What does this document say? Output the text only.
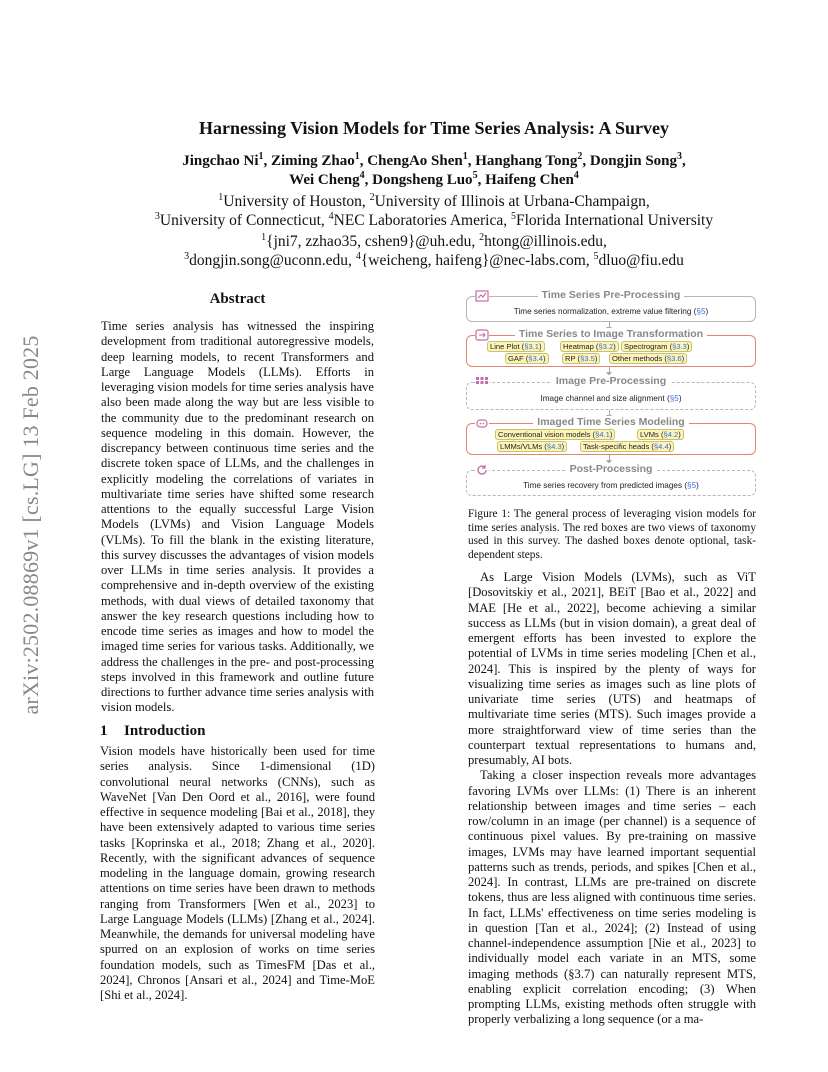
arXiv:2502.08869v1 [cs.LG] 13 Feb 2025
Harnessing Vision Models for Time Series Analysis: A Survey
Jingchao Ni$^1$, Ziming Zhao$^1$, ChengAo Shen$^1$, Hanghang Tong$^2$, Dongjin Song$^3$,
Wei Cheng$^4$, Dongsheng Luo$^5$, Haifeng Chen$^4$

$^1$University of Houston, $^2$University of Illinois at Urbana-Champaign,

$^3$University of Connecticut, $^4$NEC Laboratories America, $^5$Florida International University

$^1${jni7, zzhao35, cshen9}@uh.edu, $^2$htong@illinois.edu,

$^3$dongjin.song@uconn.edu, $^4${weicheng, haifeng}@nec-labs.com, $^5$dluo@fiu.edu

Abstract
Time series analysis has witnessed the inspiring development from traditional autoregressive models, deep learning models, to recent Transformers and Large Language Models (LLMs). Efforts in leveraging vision models for time series analysis have also been made along the way but are less visible to the community due to the predominant research on sequence modeling in this domain. However, the discrepancy between continuous time series and the discrete token space of LLMs, and the challenges in explicitly modeling the correlations of variates in multivariate time series have shifted some research attentions to the equally successful Large Vision Models (LVMs) and Vision Language Models (VLMs). To fill the blank in the existing literature, this survey discusses the advantages of vision models over LLMs in time series analysis. It provides a comprehensive and in-depth overview of the existing methods, with dual views of detailed taxonomy that answer the key research questions including how to encode time series as images and how to model the imaged time series for various tasks. Additionally, we address the challenges in the pre- and post-processing steps involved in this framework and outline future directions to further advance time series analysis with vision models.
1 Introduction

Vision models have historically been used for time series analysis. Since 1-dimensional (1D) convolutional neural networks (CNNs), such as WaveNet [Van Den Oord et al., 2016], were found effective in sequence modeling [Bai et al., 2018], they have been extensively adapted to various time series tasks [Koprinska et al., 2018; Zhang et al., 2020]. Recently, with the significant advances of sequence modeling in the language domain, growing research attentions on time series have been drawn to methods ranging from Transformers [Wen et al., 2023] to Large Language Models (LLMs) [Zhang et al., 2024]. Meanwhile, the demands for universal modeling have spurred on an explosion of works on time series foundation models, such as TimesFM [Das et al., 2024], Chronos [Ansari et al., 2024] and Time-MoE [Shi et al., 2024].

Time Series Pre-Processing
Time series normalization, extreme value filtering (§5)
Time Series to Image Transformation
Line Plot (§3.1)	Heatmap (§3.2)	Spectrogram (§3.3)
GAF (§3.4)	RP (§3.5)	Other methods (§3.6)
Image Pre-Processing
Image channel and size alignment (§5)
Imaged Time Series Modeling
Conventional vision models (§4.1)	LVMs (§4.2)
LMMs/VLMs (§4.3)	Task-specific heads (§4.4)
Post-Processing
Time series recovery from predicted images (§5)
Figure 1: The general process of leveraging vision models for time series analysis. The red boxes are two views of taxonomy used in this survey. The dashed boxes denote optional, task-dependent steps.

As Large Vision Models (LVMs), such as ViT [Dosovitskiy et al., 2021], BEiT [Bao et al., 2022] and MAE [He et al., 2022], become achieving a similar success as LLMs (but in vision domain), a great deal of emergent efforts has been invested to explore the potential of LVMs in time series modeling [Chen et al., 2024]. This is inspired by the plenty of ways for visualizing time series as images such as line plots of univariate time series (UTS) and heatmaps of multivariate time series (MTS). Such images provide a more straightforward view of time series than the counterpart textual representations to humans and, presumably, AI bots.

Taking a closer inspection reveals more advantages favoring LVMs over LLMs: (1) There is an inherent relationship between images and time series – each row/column in an image (per channel) is a sequence of continuous pixel values. By pre-training on massive images, LVMs may have learned important sequential patterns such as trends, periods, and spikes [Chen et al., 2024]. In contrast, LLMs are pre-trained on discrete tokens, thus are less aligned with continuous time series. In fact, LLMs' effectiveness on time series modeling is in question [Tan et al., 2024]; (2) Instead of using channel-independence assumption [Nie et al., 2023] to individually model each variate in an MTS, some imaging methods (§3.7) can naturally represent MTS, enabling explicit correlation encoding; (3) When prompting LLMs, existing methods often struggle with properly verbalizing a long sequence (or a ma-
